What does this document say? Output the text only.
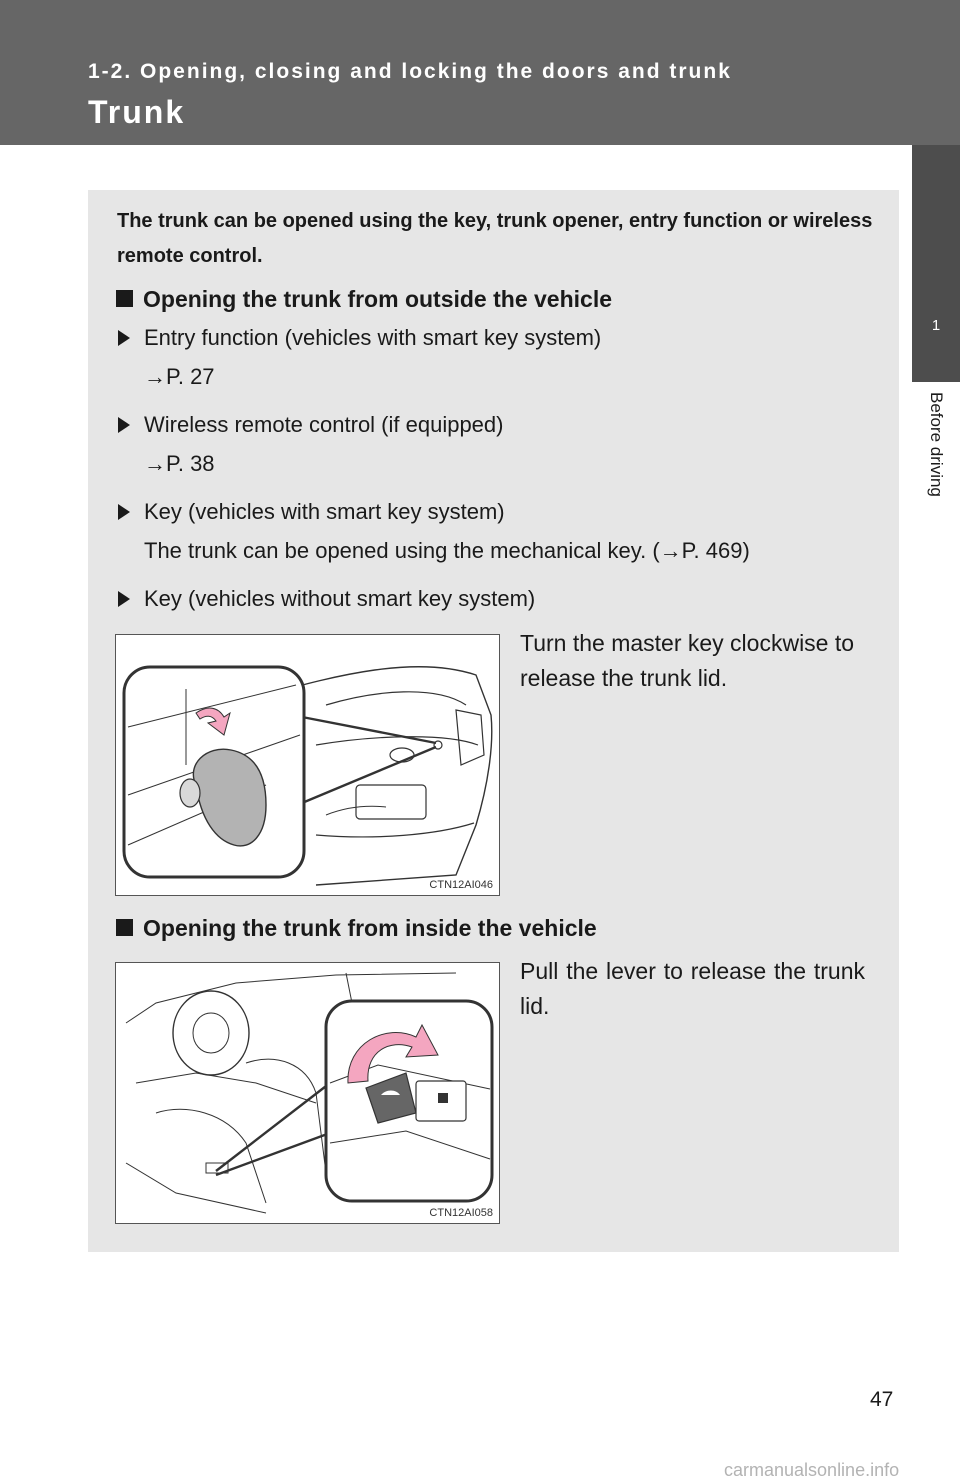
1-2. Opening, closing and locking the doors and trunk
Trunk
1
Before driving
The trunk can be opened using the key, trunk opener, entry function or wireless remote control.
Opening the trunk from outside the vehicle
Entry function (vehicles with smart key system)
→P. 27
Wireless remote control (if equipped)
→P. 38
Key (vehicles with smart key system)
The trunk can be opened using the mechanical key. (→P. 469)
Key (vehicles without smart key system)
CTN12AI046
Turn the master key clockwise to release the trunk lid.
Opening the trunk from inside the vehicle
CTN12AI058
Pull the lever to release the trunk lid.
47
carmanualsonline.info
